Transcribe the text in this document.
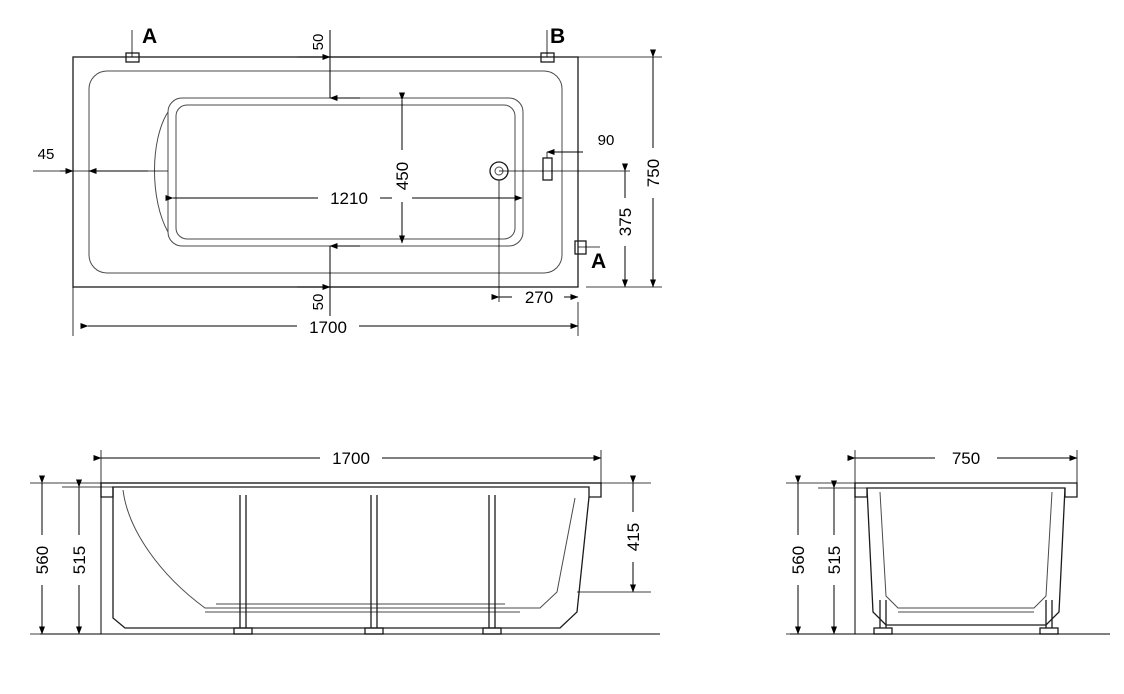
A	B
A
50
45
1210
450
90
750
375
50	270
1700
1700
560 515
415
750
560 515
